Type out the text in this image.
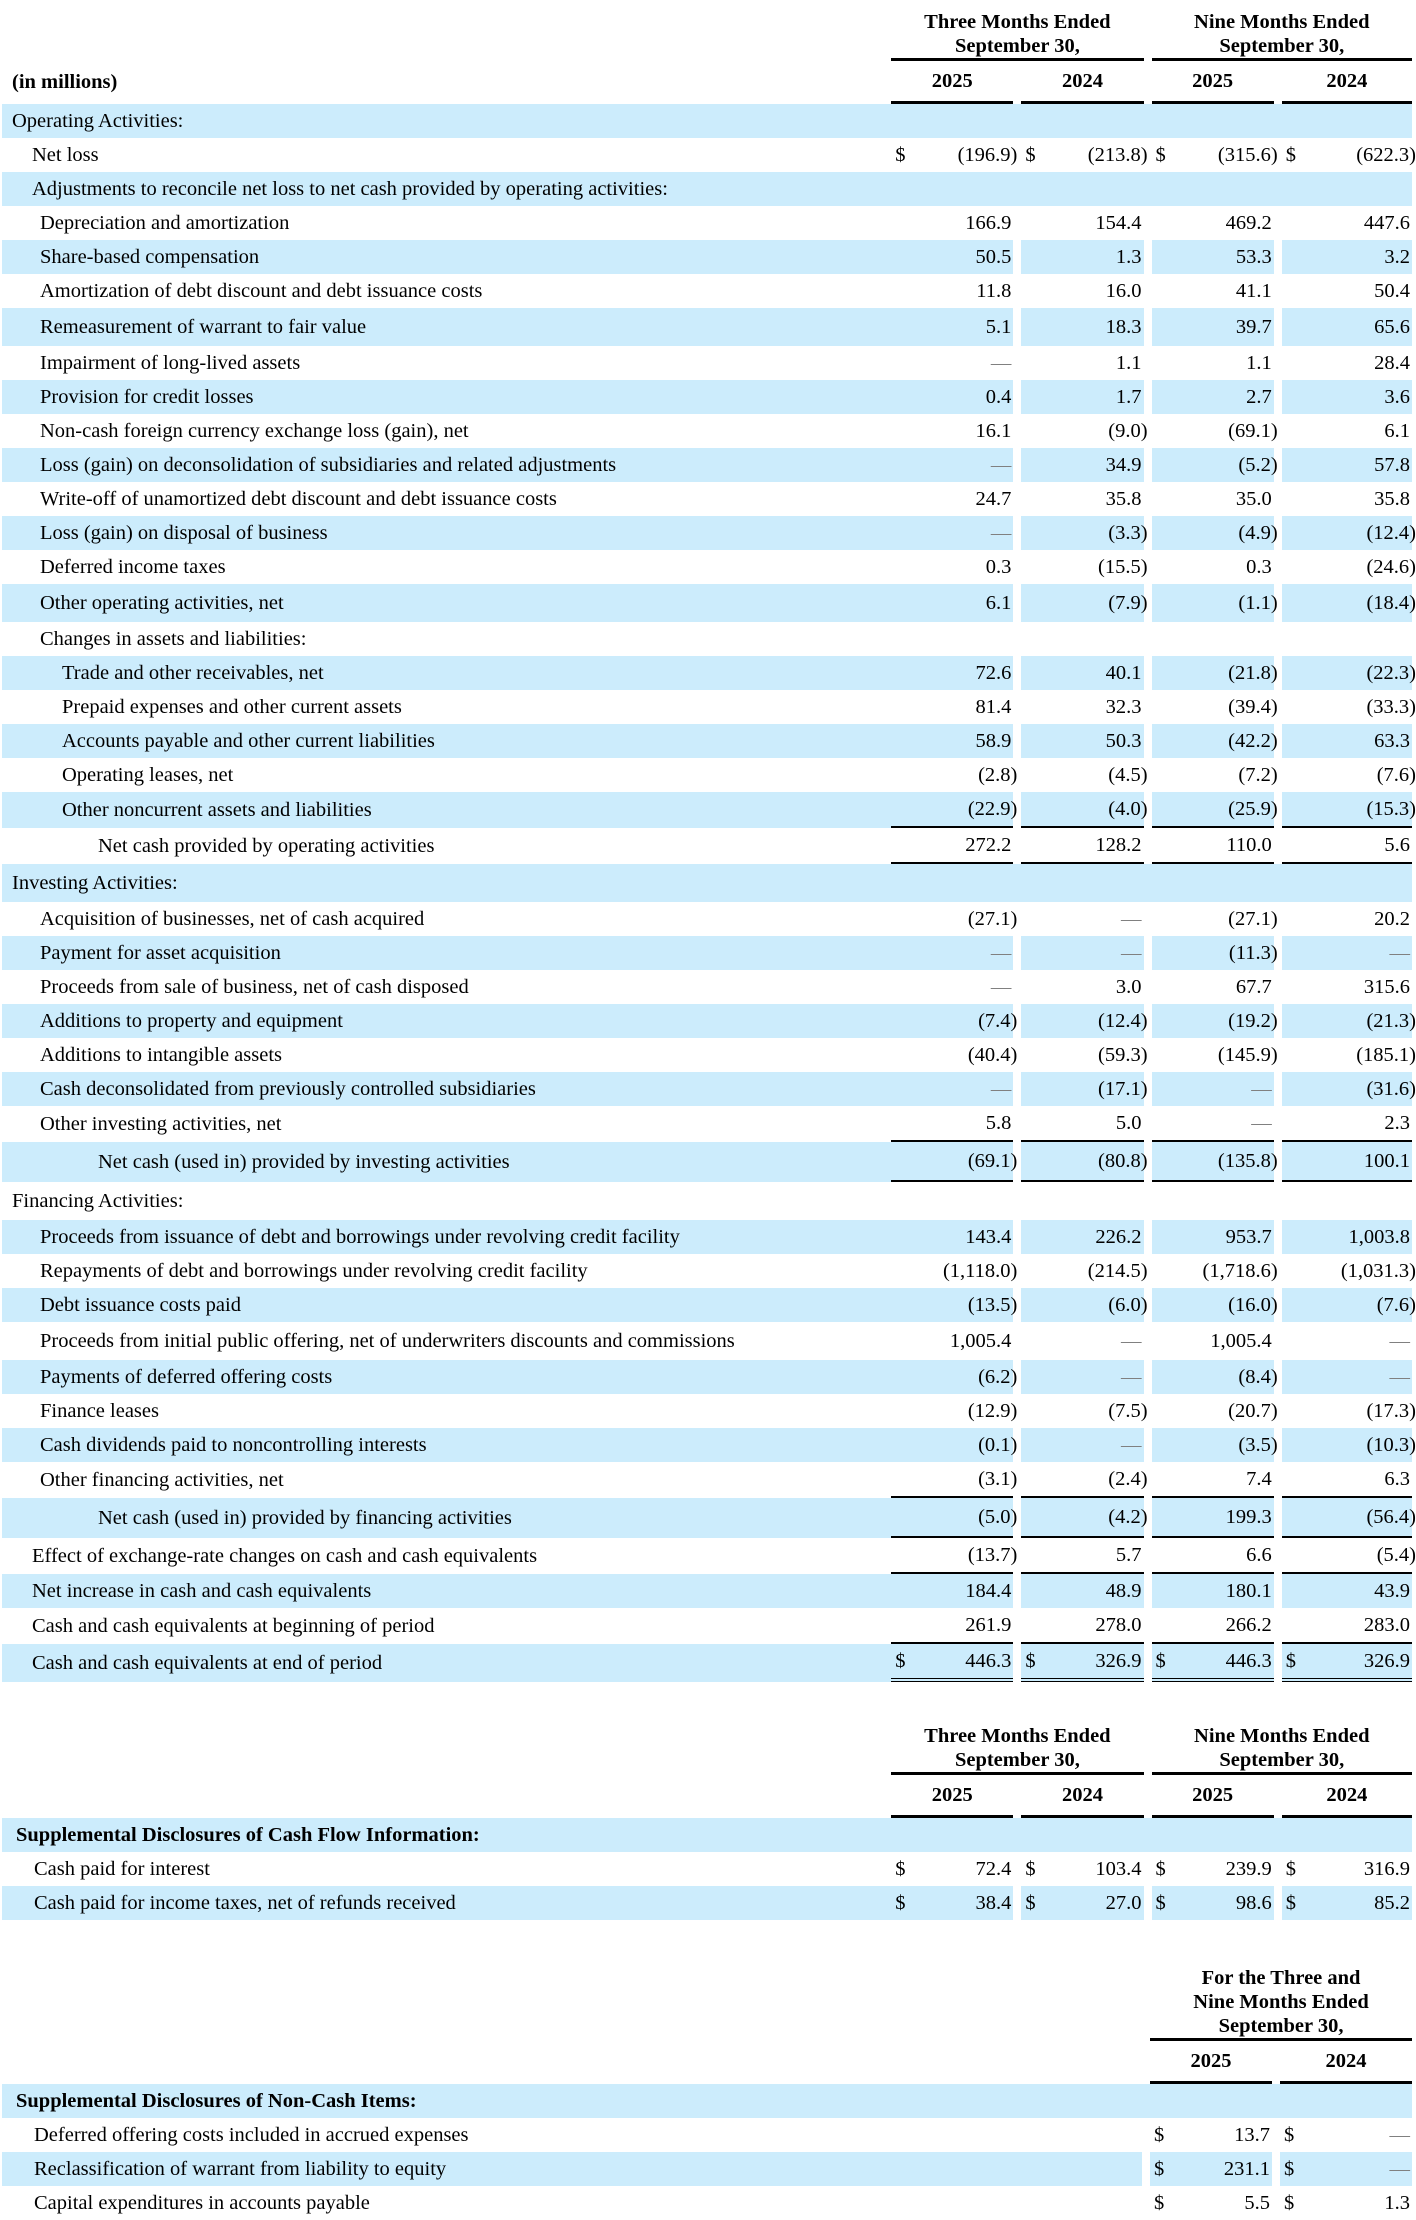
	Three Months Ended
September 30,				Nine Months Ended
September 30,		
(in millions)	2025		2024		2025		2024
Operating Activities:	

Net loss	$ (196.9)		$ (213.8)		$ (315.6)		$ (622.3)

Adjustments to reconcile net loss to net cash provided by operating activities:	

Depreciation and amortization	166.9		154.4		469.2		447.6

Share-based compensation	50.5		1.3		53.3		3.2

Amortization of debt discount and debt issuance costs	11.8		16.0		41.1		50.4

Remeasurement of warrant to fair value	5.1		18.3		39.7		65.6

Impairment of long-lived assets	—		1.1		1.1		28.4

Provision for credit losses	0.4		1.7		2.7		3.6

Non-cash foreign currency exchange loss (gain), net	16.1		(9.0)		(69.1)		6.1

Loss (gain) on deconsolidation of subsidiaries and related adjustments	—		34.9		(5.2)		57.8

Write-off of unamortized debt discount and debt issuance costs	24.7		35.8		35.0		35.8

Loss (gain) on disposal of business	—		(3.3)		(4.9)		(12.4)

Deferred income taxes	0.3		(15.5)		0.3		(24.6)

Other operating activities, net	6.1		(7.9)		(1.1)		(18.4)

Changes in assets and liabilities:	

Trade and other receivables, net	72.6		40.1		(21.8)		(22.3)

Prepaid expenses and other current assets	81.4		32.3		(39.4)		(33.3)

Accounts payable and other current liabilities	58.9		50.3		(42.2)		63.3

Operating leases, net	(2.8)		(4.5)		(7.2)		(7.6)

Other noncurrent assets and liabilities	(22.9)		(4.0)		(25.9)		(15.3)

Net cash provided by operating activities	272.2		128.2		110.0		5.6

Investing Activities:	

Acquisition of businesses, net of cash acquired	(27.1)		—		(27.1)		20.2

Payment for asset acquisition	—		—		(11.3)		—

Proceeds from sale of business, net of cash disposed	—		3.0		67.7		315.6

Additions to property and equipment	(7.4)		(12.4)		(19.2)		(21.3)

Additions to intangible assets	(40.4)		(59.3)		(145.9)		(185.1)

Cash deconsolidated from previously controlled subsidiaries	—		(17.1)		—		(31.6)

Other investing activities, net	5.8		5.0		—		2.3

Net cash (used in) provided by investing activities	(69.1)		(80.8)		(135.8)		100.1

Financing Activities:	

Proceeds from issuance of debt and borrowings under revolving credit facility	143.4		226.2		953.7		1,003.8

Repayments of debt and borrowings under revolving credit facility	(1,118.0)		(214.5)		(1,718.6)		(1,031.3)

Debt issuance costs paid	(13.5)		(6.0)		(16.0)		(7.6)

Proceeds from initial public offering, net of underwriters discounts and commissions	1,005.4		—		1,005.4		—

Payments of deferred offering costs	(6.2)		—		(8.4)		—

Finance leases	(12.9)		(7.5)		(20.7)		(17.3)

Cash dividends paid to noncontrolling interests	(0.1)		—		(3.5)		(10.3)

Other financing activities, net	(3.1)		(2.4)		7.4		6.3

Net cash (used in) provided by financing activities	(5.0)		(4.2)		199.3		(56.4)

Effect of exchange-rate changes on cash and cash equivalents	(13.7)		5.7		6.6		(5.4)

Net increase in cash and cash equivalents	184.4		48.9		180.1		43.9

Cash and cash equivalents at beginning of period	261.9		278.0		266.2		283.0

Cash and cash equivalents at end of period	$ 446.3		$ 326.9		$ 446.3		$ 326.9
	Three Months Ended
September 30,				Nine Months Ended
September 30,		
	2025		2024		2025		2024
Supplemental Disclosures of Cash Flow Information:							
Cash paid for interest	$ 72.4		$ 103.4		$ 239.9		$ 316.9

Cash paid for income taxes, net of refunds received	$ 38.4		$ 27.0		$ 98.6		$ 85.2
		For the Three and
Nine Months Ended
September 30,		
		2025		2024
Supplemental Disclosures of Non-Cash Items:				
Deferred offering costs included in accrued expenses		$ 13.7		$ —

Reclassification of warrant from liability to equity		$ 231.1		$ —

Capital expenditures in accounts payable		$ 5.5		$ 1.3
